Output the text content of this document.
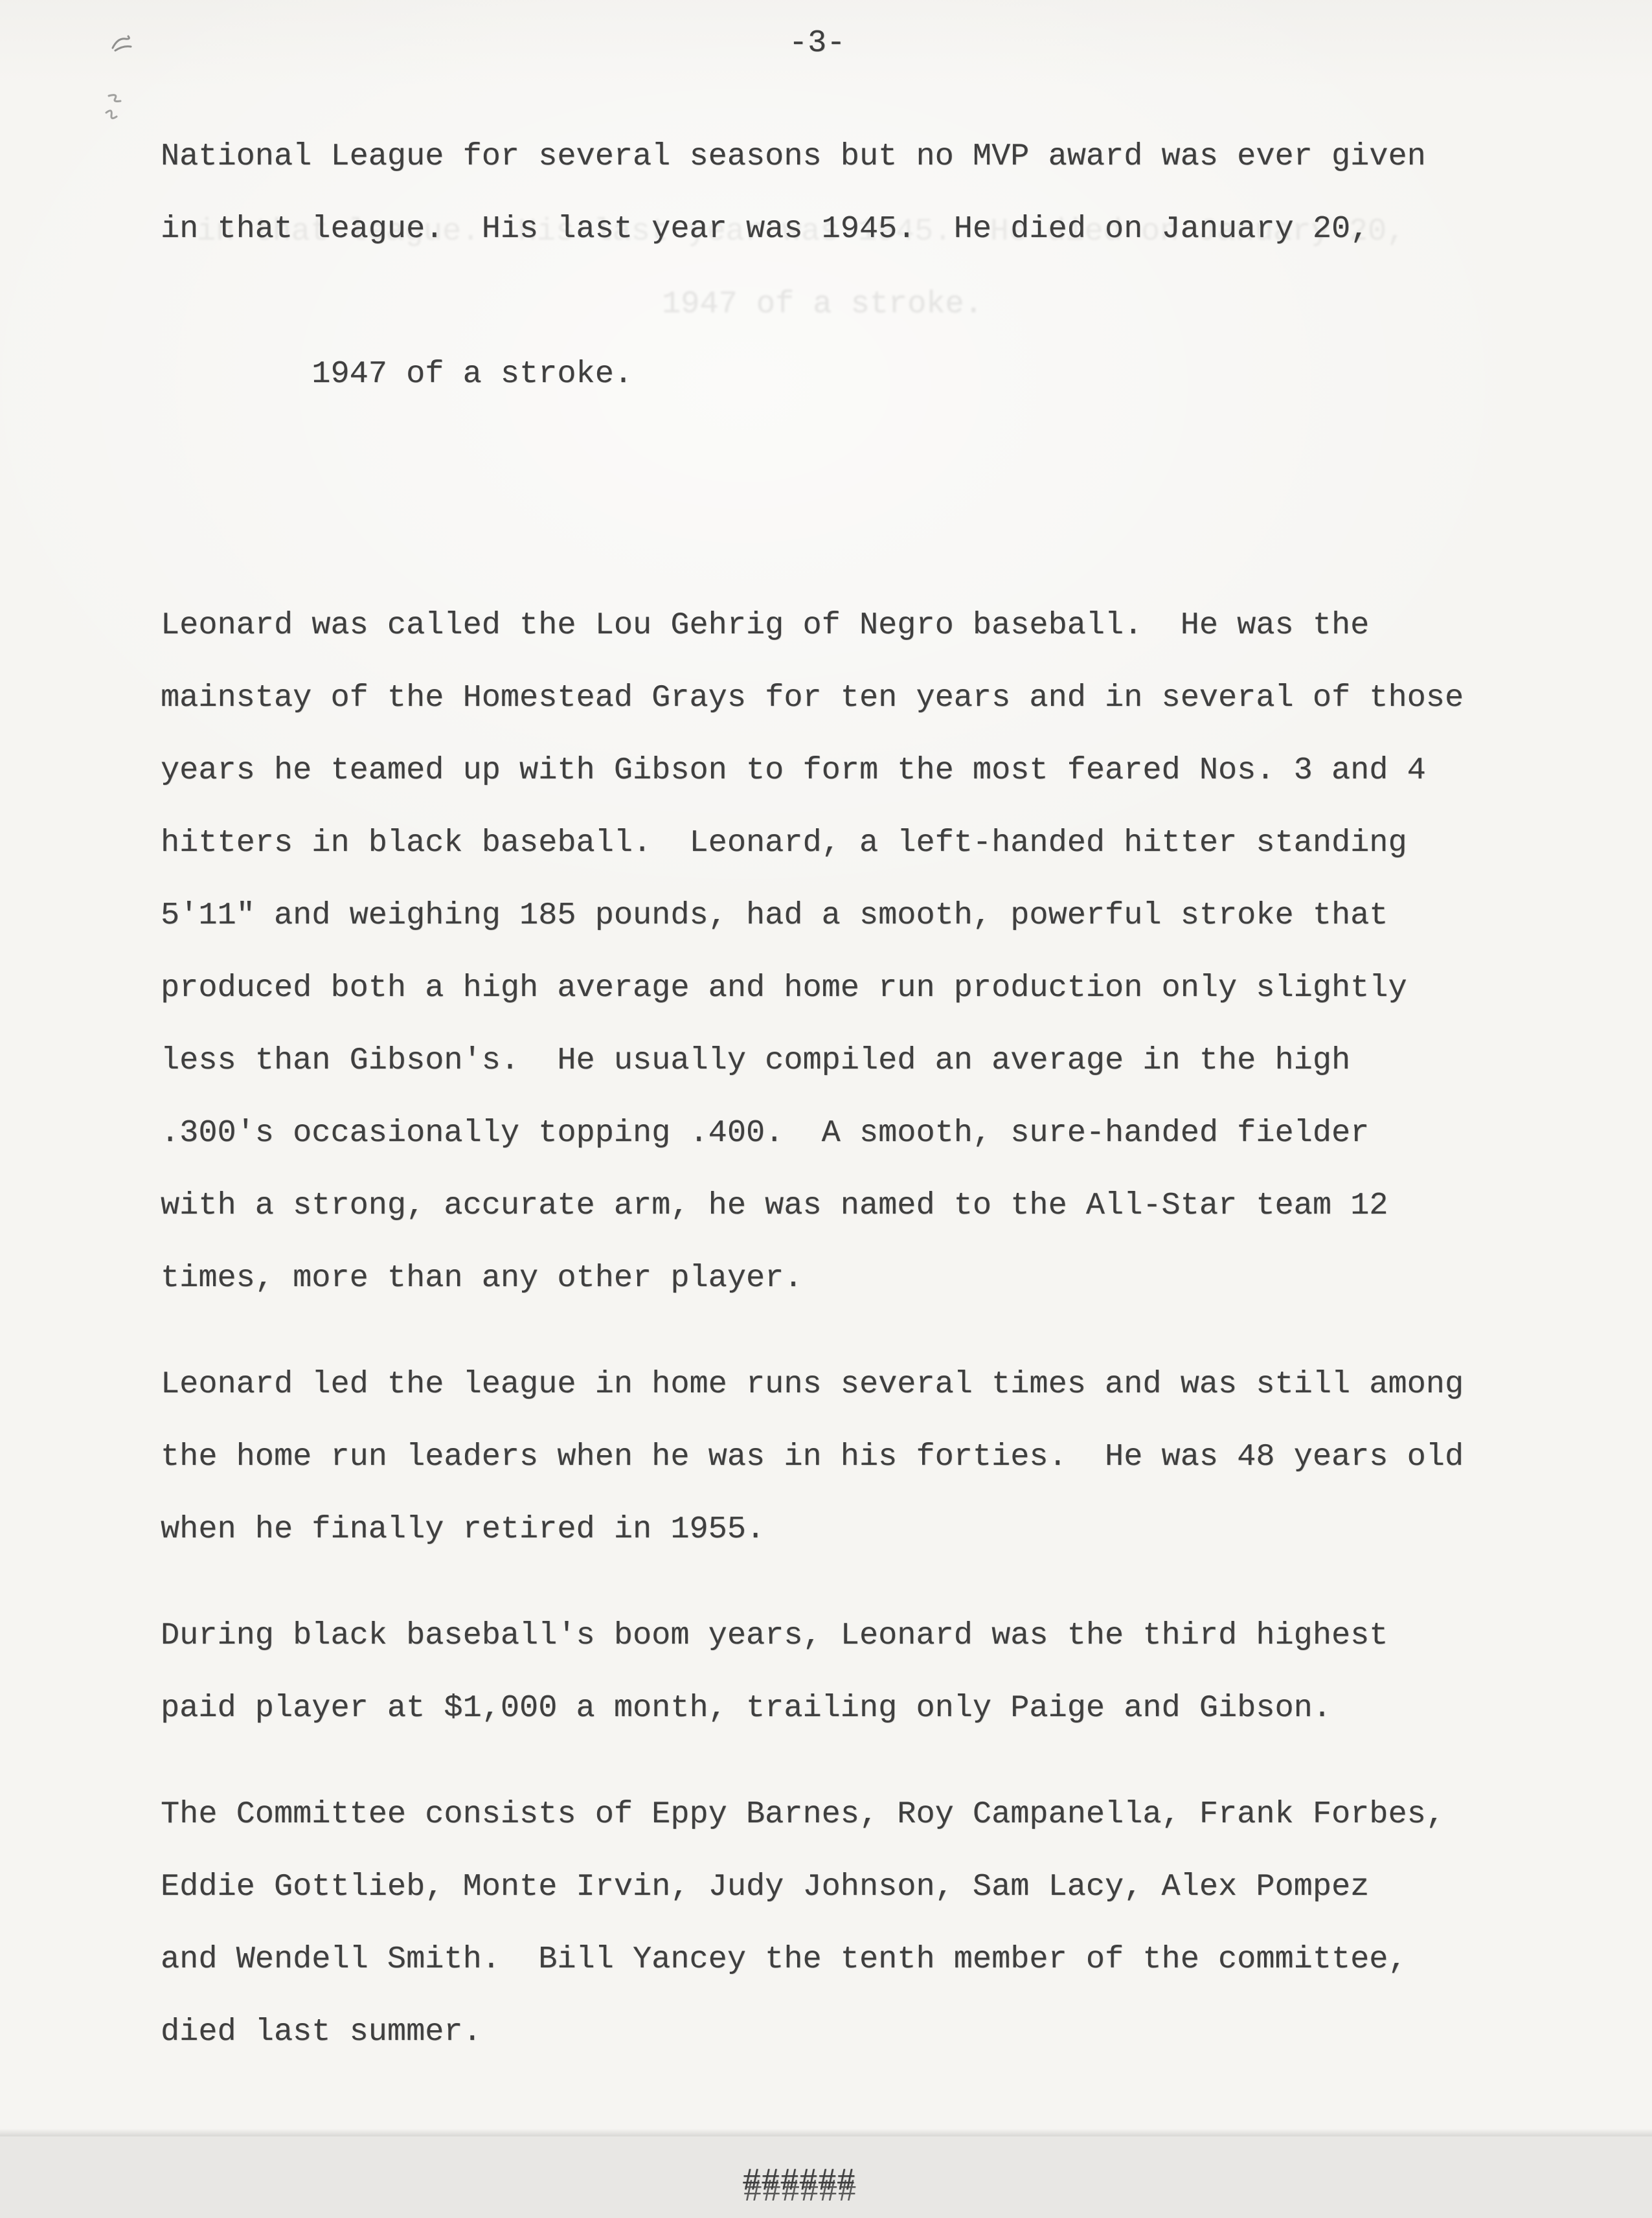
-3-
National League for several seasons but no MVP award was ever given
in that league.  His last year was 1945.  He died on January 20,

1947 of a stroke.

1947 of a stroke.

Leonard was called the Lou Gehrig of Negro baseball.  He was the
mainstay of the Homestead Grays for ten years and in several of those
years he teamed up with Gibson to form the most feared Nos. 3 and 4
hitters in black baseball.  Leonard, a left-handed hitter standing
5'11" and weighing 185 pounds, had a smooth, powerful stroke that
produced both a high average and home run production only slightly
less than Gibson's.  He usually compiled an average in the high
.300's occasionally topping .400.  A smooth, sure-handed fielder
with a strong, accurate arm, he was named to the All-Star team 12
times, more than any other player.
Leonard led the league in home runs several times and was still among
the home run leaders when he was in his forties.  He was 48 years old
when he finally retired in 1955.
During black baseball's boom years, Leonard was the third highest
paid player at $1,000 a month, trailing only Paige and Gibson.
The Committee consists of Eppy Barnes, Roy Campanella, Frank Forbes,
Eddie Gottlieb, Monte Irvin, Judy Johnson, Sam Lacy, Alex Pompez
and Wendell Smith.  Bill Yancey the tenth member of the committee,
died last summer.
######
